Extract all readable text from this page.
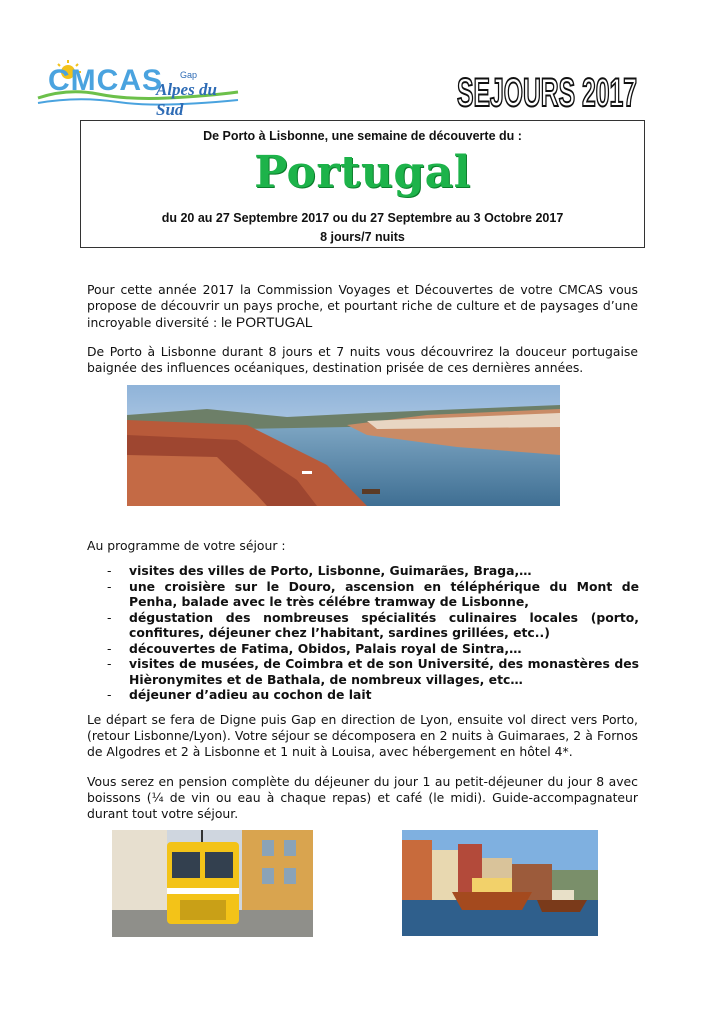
CMCAS Gap
Alpes du Sud	SEJOURS 2017
De Porto à Lisbonne, une semaine de découverte du :
Portugal
du 20 au 27 Septembre 2017 ou du 27 Septembre au 3 Octobre 2017
8 jours/7 nuits
Pour cette année 2017 la Commission Voyages et Découvertes de votre CMCAS vous propose de découvrir un pays proche, et pourtant riche de culture et de paysages d’une incroyable diversité : le PORTUGAL
De Porto à Lisbonne durant 8 jours et 7 nuits vous découvrirez la douceur portugaise baignée des influences océaniques, destination prisée de ces dernières années.
Au programme de votre séjour :
- visites des villes de Porto, Lisbonne, Guimarães, Braga,…
- une croisière sur le Douro, ascension en téléphérique du Mont de Penha, balade avec le très célébre tramway de Lisbonne,
- dégustation des nombreuses spécialités culinaires locales (porto, confitures, déjeuner chez l’habitant, sardines grillées, etc..)
- découvertes de Fatima, Obidos, Palais royal de Sintra,…
- visites de musées, de Coimbra et de son Université, des monastères des Hièronymites et de Bathala, de nombreux villages, etc…
- déjeuner d’adieu au cochon de lait
Le départ se fera de Digne puis Gap en direction de Lyon, ensuite vol direct vers Porto, (retour Lisbonne/Lyon). Votre séjour se décomposera en 2 nuits à Guimaraes, 2 à Fornos de Algodres et 2 à Lisbonne et 1 nuit à Louisa, avec hébergement en hôtel 4*.
Vous serez en pension complète du déjeuner du jour 1 au petit-déjeuner du jour 8 avec boissons (¼ de vin ou eau à chaque repas) et café (le midi). Guide-accompagnateur durant tout votre séjour.
